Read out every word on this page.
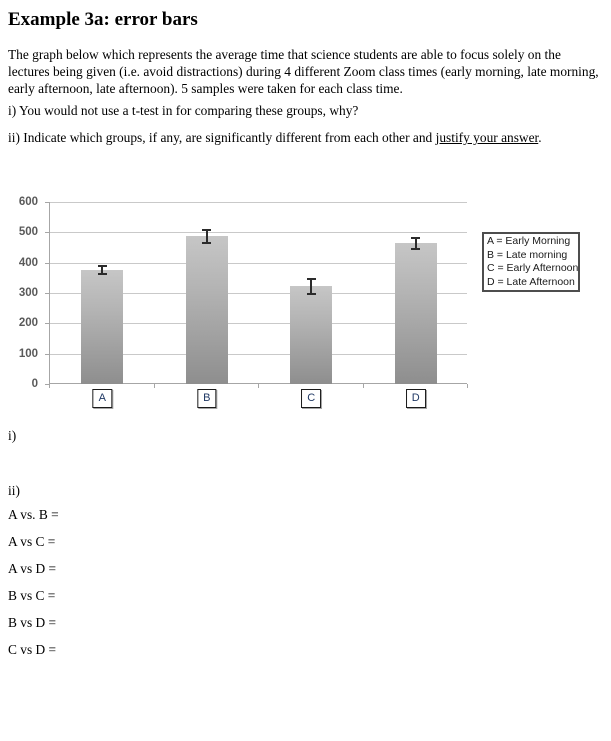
Example 3a: error bars

The graph below which represents the average time that science students are able to focus solely on the lectures being given (i.e. avoid distractions) during 4 different Zoom class times (early morning, late morning, early afternoon, late afternoon). 5 samples were taken for each class time.

i) You would not use a t-test in for comparing these groups, why?

ii) Indicate which groups, if any, are significantly different from each other and justify your answer.

A = Early Morning
B = Late morning
C = Early Afternoon
D = Late Afternoon
0
100
200
300
400
500
600
A	B	C	D

i)

ii)

A vs. B =

A vs C =

A vs D =

B vs C =

B vs D =

C vs D =
